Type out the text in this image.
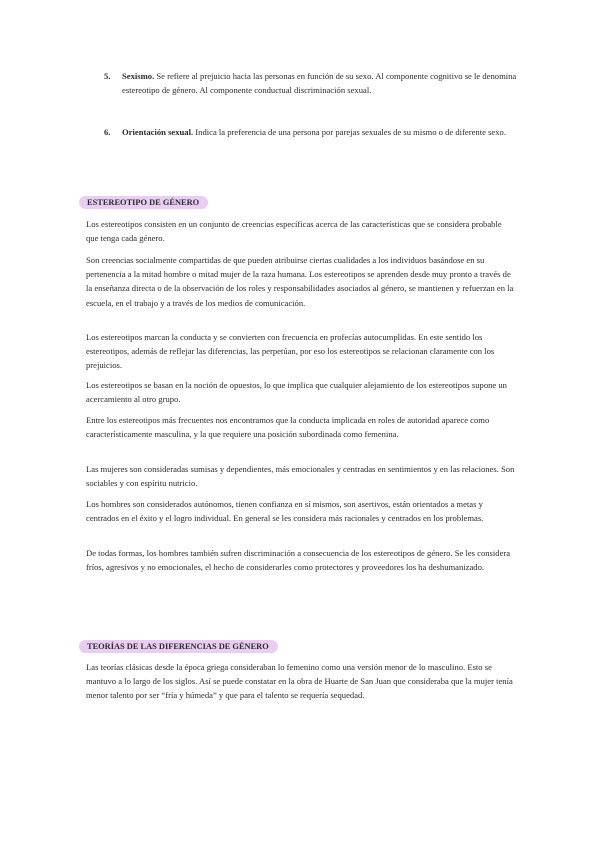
5. Sexismo. Se refiere al prejuicio hacia las personas en función de su sexo. Al componente cognitivo se le denomina estereotipo de género. Al componente conductual discriminación sexual.
6. Orientación sexual. Indica la preferencia de una persona por parejas sexuales de su mismo o de diferente sexo.
ESTEREOTIPO DE GÉNERO

Los estereotipos consisten en un conjunto de creencias específicas acerca de las características que se considera probable que tenga cada género.

Son creencias socialmente compartidas de que pueden atribuirse ciertas cualidades a los individuos basándose en su pertenencia a la mitad hombre o mitad mujer de la raza humana. Los estereotipos se aprenden desde muy pronto a través de la enseñanza directa o de la observación de los roles y responsabilidades asociados al género, se mantienen y refuerzan en la escuela, en el trabajo y a través de los medios de comunicación.

Los estereotipos marcan la conducta y se convierten con frecuencia en profecías autocumplidas. En este sentido los estereotipos, además de reflejar las diferencias, las perpetúan, por eso los estereotipos se relacionan claramente con los prejuicios.

Los estereotipos se basan en la noción de opuestos, lo que implica que cualquier alejamiento de los estereotipos supone un acercamiento al otro grupo.

Entre los estereotipos más frecuentes nos encontramos que la conducta implicada en roles de autoridad aparece como característicamente masculina, y la que requiere una posición subordinada como femenina.

Las mujeres son consideradas sumisas y dependientes, más emocionales y centradas en sentimientos y en las relaciones. Son sociables y con espíritu nutricio.

Los hombres son considerados autónomos, tienen confianza en sí mismos, son asertivos, están orientados a metas y centrados en el éxito y el logro individual. En general se les considera más racionales y centrados en los problemas.

De todas formas, los hombres también sufren discriminación a consecuencia de los estereotipos de género. Se les considera fríos, agresivos y no emocionales, el hecho de considerarles como protectores y proveedores los ha deshumanizado.

TEORÍAS DE LAS DIFERENCIAS DE GÉNERO

Las teorías clásicas desde la época griega consideraban lo femenino como una versión menor de lo masculino. Esto se mantuvo a lo largo de los siglos. Así se puede constatar en la obra de Huarte de San Juan que consideraba que la mujer tenía menor talento por ser “fría y húmeda” y que para el talento se requería sequedad.
